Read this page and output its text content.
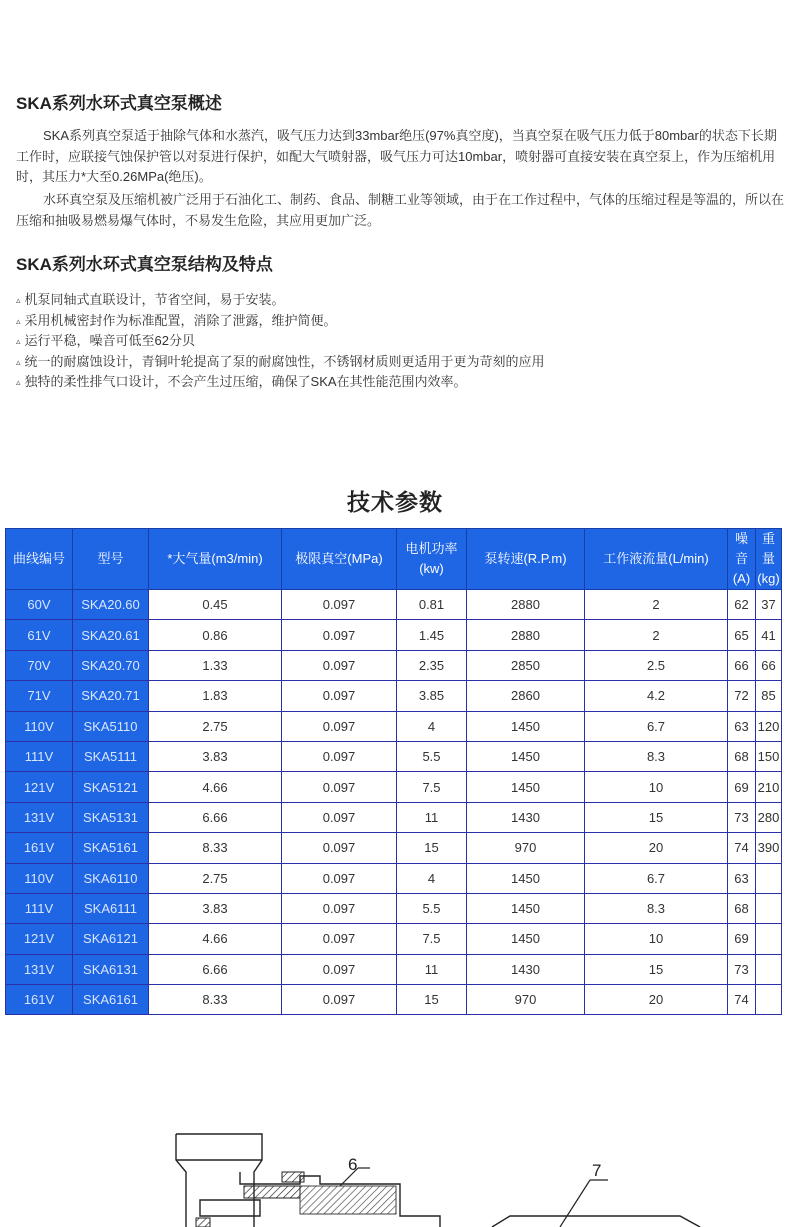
SKA系列水环式真空泵概述

SKA系列真空泵适于抽除气体和水蒸汽，吸气压力达到33mbar绝压(97%真空度)，当真空泵在吸气压力低于80mbar的状态下长期工作时，应联接气蚀保护管以对泵进行保护，如配大气喷射器，吸气压力可达10mbar，喷射器可直接安装在真空泵上，作为压缩机用时，其压力*大至0.26MPa(绝压)。

水环真空泵及压缩机被广泛用于石油化工、制药、食品、制糖工业等领域，由于在工作过程中，气体的压缩过程是等温的，所以在压缩和抽吸易燃易爆气体时，不易发生危险，其应用更加广泛。

SKA系列水环式真空泵结构及特点
▵ 机泵同轴式直联设计，节省空间，易于安装。
▵ 采用机械密封作为标准配置，消除了泄露，维护简便。
▵ 运行平稳，噪音可低至62分贝
▵ 统一的耐腐蚀设计，青铜叶轮提高了泵的耐腐蚀性，不锈钢材质则更适用于更为苛刻的应用
▵ 独特的柔性排气口设计，不会产生过压缩，确保了SKA在其性能范围内效率。
技术参数
曲线编号	型号	*大气量(m3/min)	极限真空(MPa)	电机功率
(kw)	泵转速(R.P.m)	工作液流量(L/min)	噪音
(A)	重量
(kg)
60V	SKA20.60	0.45	0.097	0.81	2880	2	62	37
61V	SKA20.61	0.86	0.097	1.45	2880	2	65	41
70V	SKA20.70	1.33	0.097	2.35	2850	2.5	66	66
71V	SKA20.71	1.83	0.097	3.85	2860	4.2	72	85
110V	SKA5110	2.75	0.097	4	1450	6.7	63	120
111V	SKA5111	3.83	0.097	5.5	1450	8.3	68	150
121V	SKA5121	4.66	0.097	7.5	1450	10	69	210
131V	SKA5131	6.66	0.097	11	1430	15	73	280
161V	SKA5161	8.33	0.097	15	970	20	74	390
110V	SKA6110	2.75	0.097	4	1450	6.7	63	
111V	SKA6111	3.83	0.097	5.5	1450	8.3	68	
121V	SKA6121	4.66	0.097	7.5	1450	10	69	
131V	SKA6131	6.66	0.097	11	1430	15	73	
161V	SKA6161	8.33	0.097	15	970	20	74	
6	7
